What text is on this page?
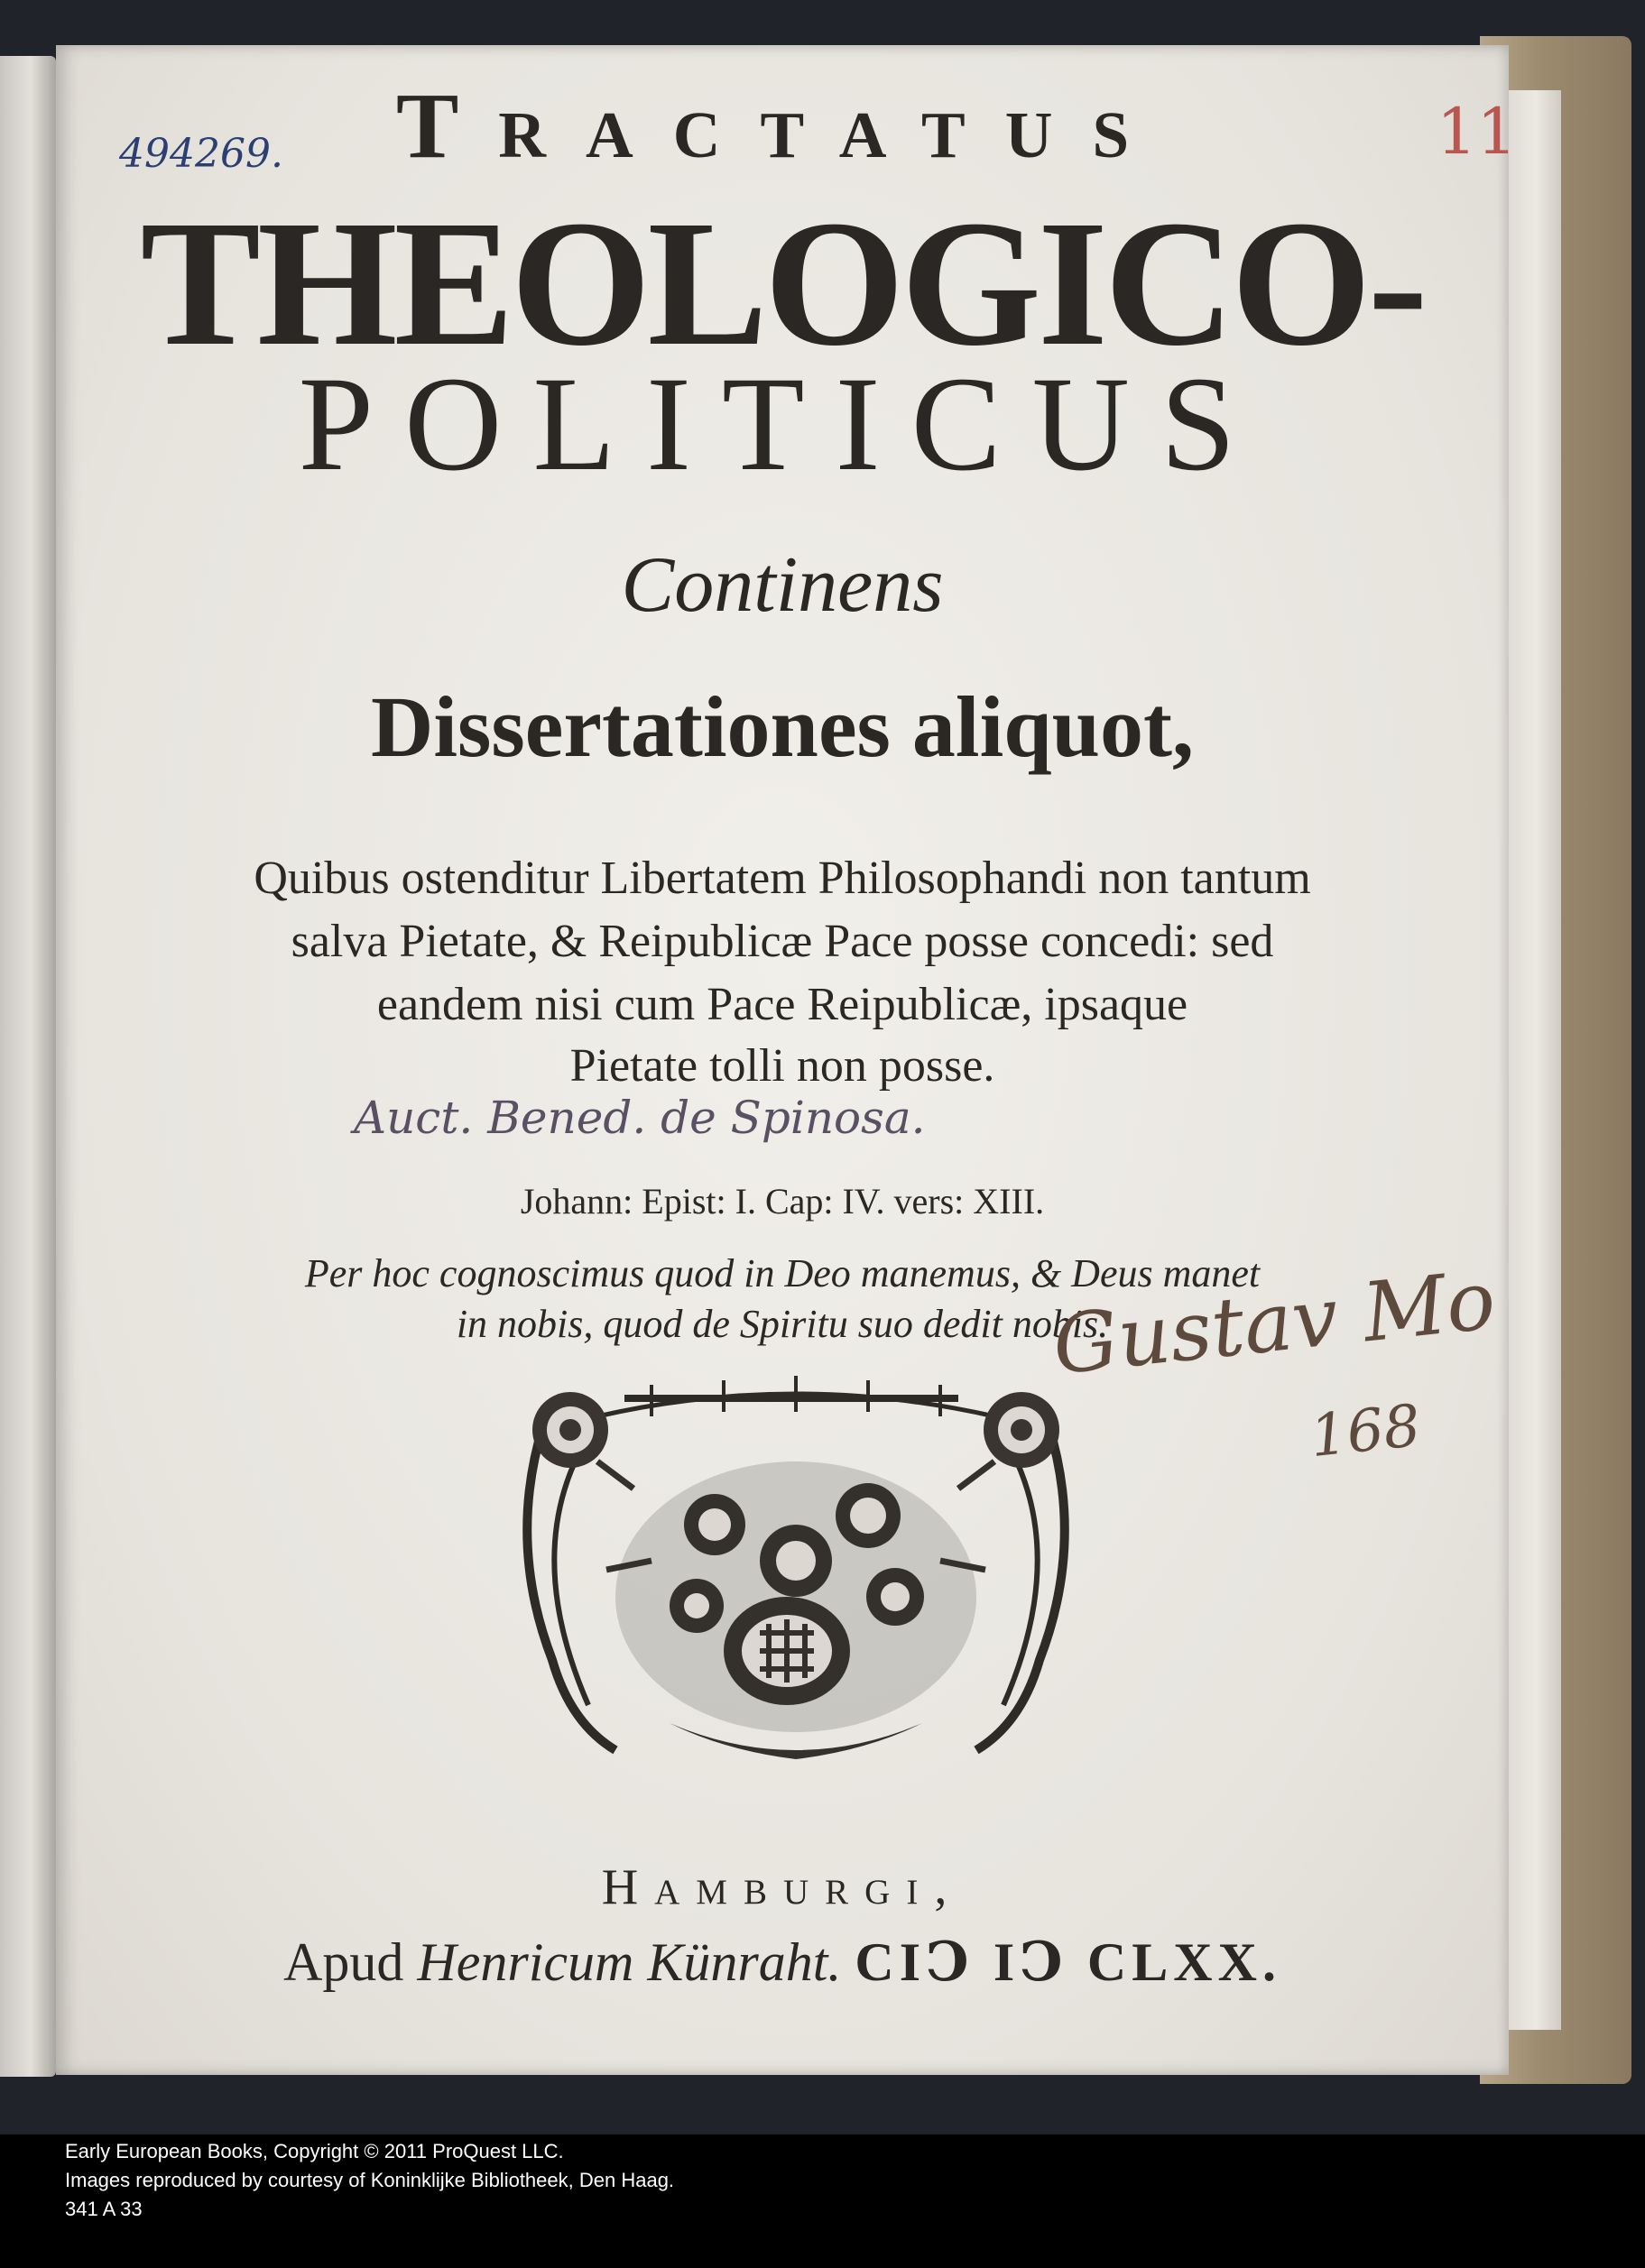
Tractatus
THEOLOGICO-
POLITICUS
Continens
Dissertationes aliquot,
Quibus ostenditur Libertatem Philosophandi non tantum
salva Pietate, & Reipublicæ Pace posse concedi: sed
eandem nisi cum Pace Reipublicæ, ipsaque
Pietate tolli non posse.
Johann: Epist: I. Cap: IV. vers: XIII.
Per hoc cognoscimus quod in Deo manemus, & Deus manet
in nobis, quod de Spiritu suo dedit nobis.
Hamburgi,
Apud Henricum Künraht. CIↃ IↃ CLXX.
494269.	11
Auct. Bened. de Spinosa.
Gustav Mo
168
Early European Books, Copyright © 2011 ProQuest LLC.
Images reproduced by courtesy of Koninklijke Bibliotheek, Den Haag.
341 A 33
